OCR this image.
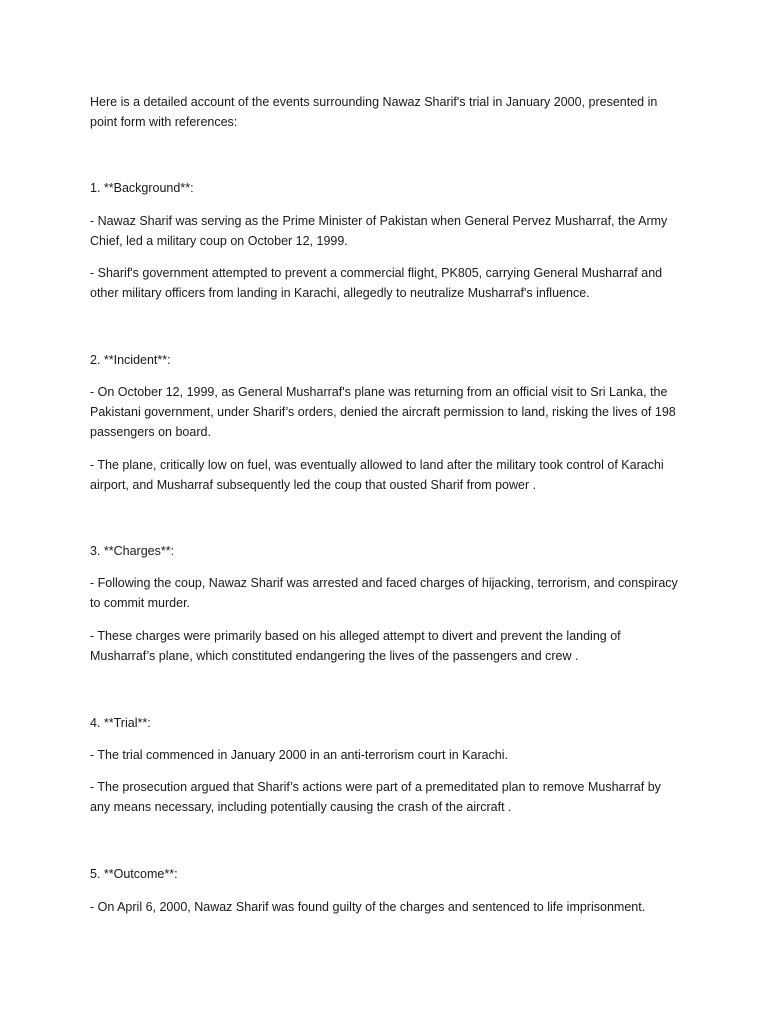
Here is a detailed account of the events surrounding Nawaz Sharif's trial in January 2000, presented in point form with references:

1. **Background**:

- Nawaz Sharif was serving as the Prime Minister of Pakistan when General Pervez Musharraf, the Army Chief, led a military coup on October 12, 1999.

- Sharif's government attempted to prevent a commercial flight, PK805, carrying General Musharraf and other military officers from landing in Karachi, allegedly to neutralize Musharraf's influence.

2. **Incident**:

- On October 12, 1999, as General Musharraf's plane was returning from an official visit to Sri Lanka, the Pakistani government, under Sharif’s orders, denied the aircraft permission to land, risking the lives of 198 passengers on board.

- The plane, critically low on fuel, was eventually allowed to land after the military took control of Karachi airport, and Musharraf subsequently led the coup that ousted Sharif from power .

3. **Charges**:

- Following the coup, Nawaz Sharif was arrested and faced charges of hijacking, terrorism, and conspiracy to commit murder.

- These charges were primarily based on his alleged attempt to divert and prevent the landing of Musharraf’s plane, which constituted endangering the lives of the passengers and crew .

4. **Trial**:

- The trial commenced in January 2000 in an anti-terrorism court in Karachi.

- The prosecution argued that Sharif’s actions were part of a premeditated plan to remove Musharraf by any means necessary, including potentially causing the crash of the aircraft .

5. **Outcome**:

- On April 6, 2000, Nawaz Sharif was found guilty of the charges and sentenced to life imprisonment.
